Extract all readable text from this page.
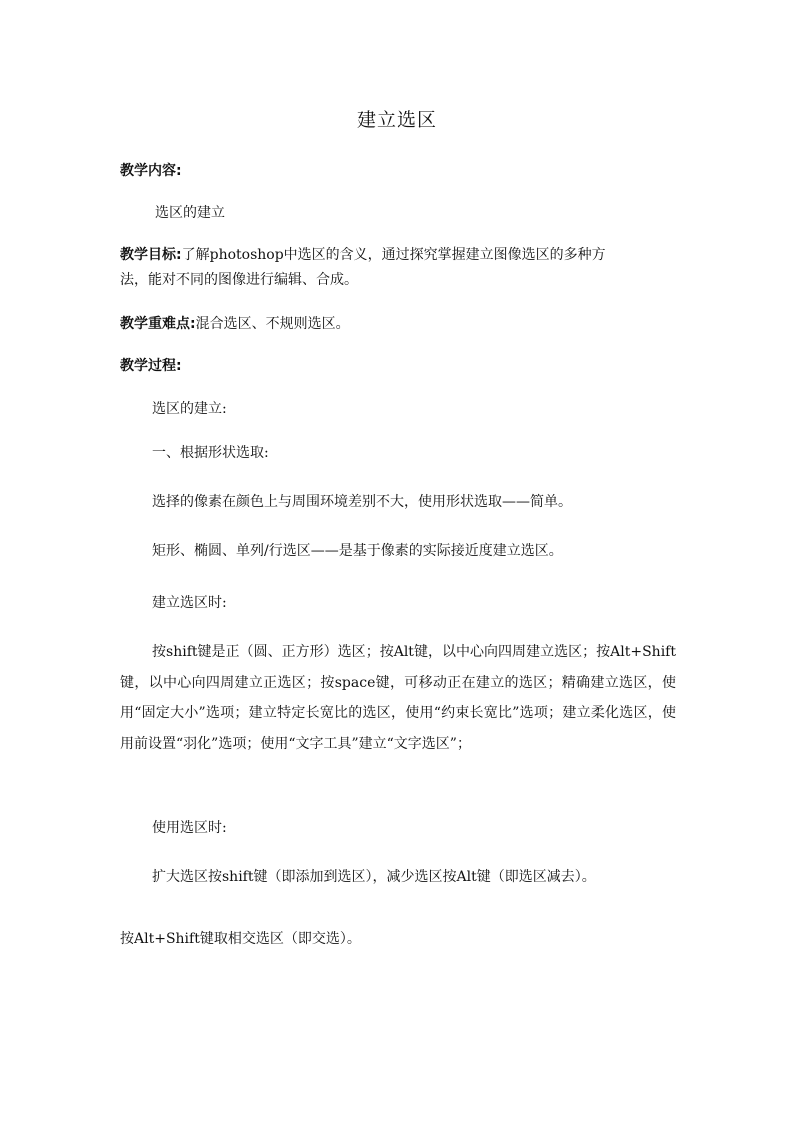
建立选区
教学内容:
选区的建立
教学目标:了解photoshop中选区的含义，通过探究掌握建立图像选区的多种方
法，能对不同的图像进行编辑、合成。
教学重难点:混合选区、不规则选区。
教学过程:
选区的建立:
一、根据形状选取:
选择的像素在颜色上与周围环境差别不大，使用形状选取——简单。
矩形、椭圆、单列/行选区——是基于像素的实际接近度建立选区。
建立选区时:
按shift键是正（圆、正方形）选区；按Alt键，以中心向四周建立选区；按Alt+Shift键，以中心向四周建立正选区；按space键，可移动正在建立的选区；精确建立选区，使用“固定大小”选项；建立特定长宽比的选区，使用“约束长宽比”选项；建立柔化选区，使用前设置“羽化”选项；使用“文字工具”建立“文字选区”；
使用选区时:
扩大选区按shift键（即添加到选区），减少选区按Alt键（即选区减去）。
按Alt+Shift键取相交选区（即交选）。
